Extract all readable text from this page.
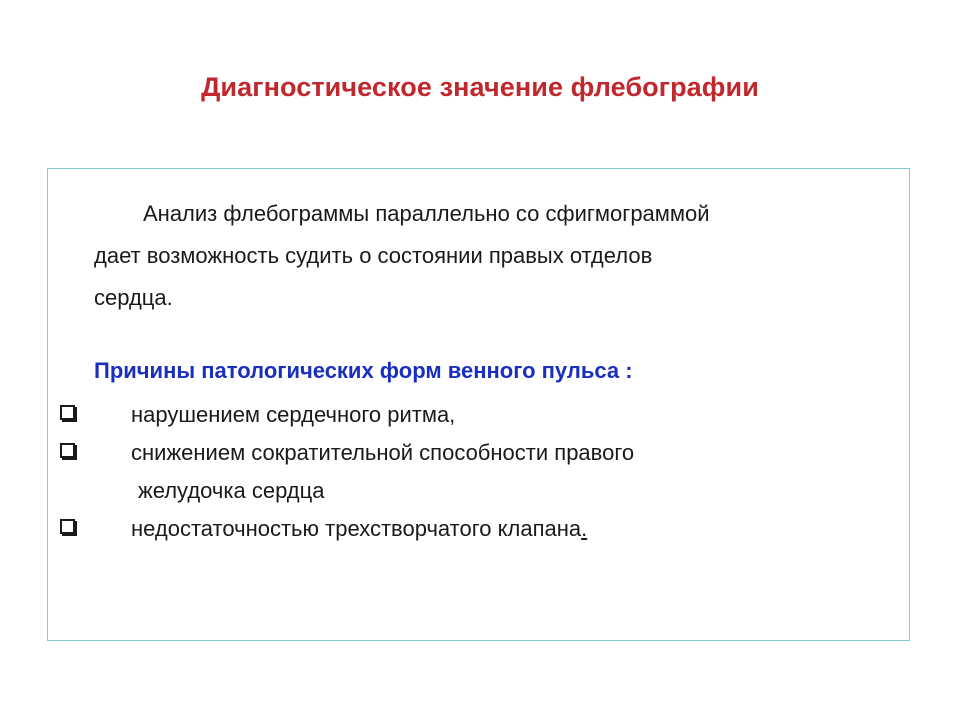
Диагностическое значение флебографии
Анализ флебограммы параллельно со сфигмограммой
дает возможность судить о состоянии правых отделов
сердца.
Причины патологических форм венного пульса :
нарушением сердечного ритма,
снижением сократительной способности правого
желудочка сердца
недостаточностью трехстворчатого клапана.
